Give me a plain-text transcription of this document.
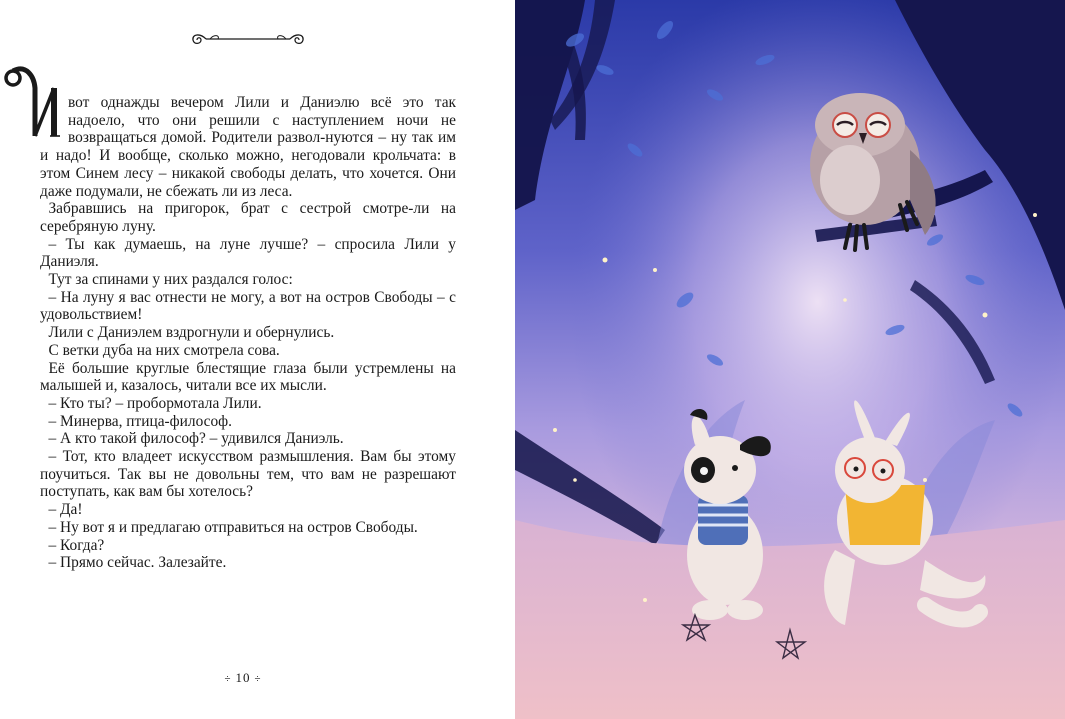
вот однажды вечером Лили и Даниэлю всё это так надоело, что они решили с наступлением ночи не возвращаться домой. Родители развол-нуются – ну так им и надо! И вообще, сколько можно, негодовали крольчата: в этом Синем лесу – никакой свободы делать, что хочется. Они даже подумали, не сбежать ли из леса.

Забравшись на пригорок, брат с сестрой смотре-ли на серебряную луну.

– Ты как думаешь, на луне лучше? – спросила Лили у Даниэля.

Тут за спинами у них раздался голос:

– На луну я вас отнести не могу, а вот на остров Свободы – с удовольствием!

Лили с Даниэлем вздрогнули и обернулись.

С ветки дуба на них смотрела сова.

Её большие круглые блестящие глаза были устремлены на малышей и, казалось, читали все их мысли.

– Кто ты? – пробормотала Лили.

– Минерва, птица-философ.

– А кто такой философ? – удивился Даниэль.

– Тот, кто владеет искусством размышления. Вам бы этому поучиться. Так вы не довольны тем, что вам не разрешают поступать, как вам бы хотелось?

– Да!

– Ну вот я и предлагаю отправиться на остров Свободы.

– Когда?

– Прямо сейчас. Залезайте.

÷ 10 ÷
